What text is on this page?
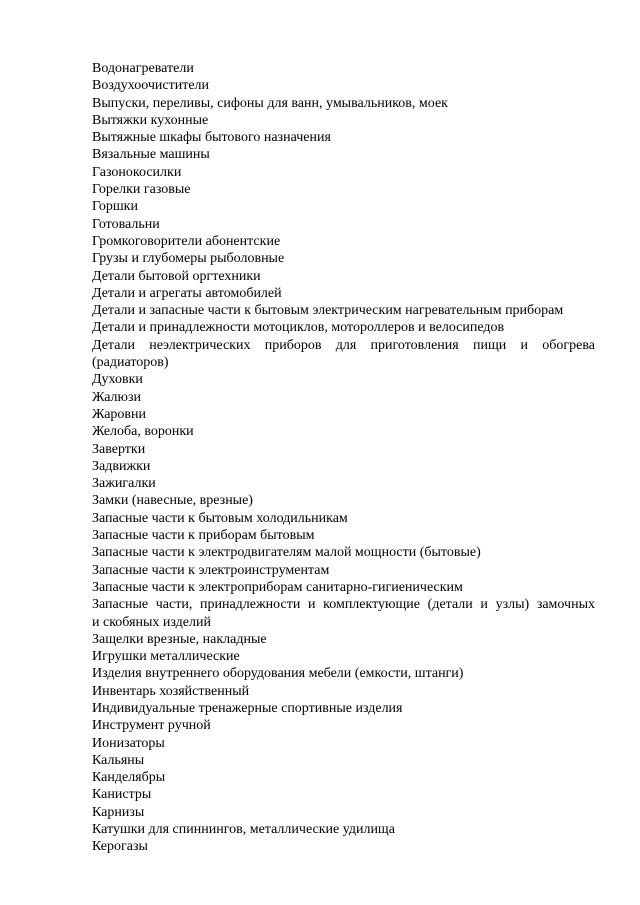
Водонагреватели
Воздухоочистители
Выпуски, переливы, сифоны для ванн, умывальников, моек
Вытяжки кухонные
Вытяжные шкафы бытового назначения
Вязальные машины
Газонокосилки
Горелки газовые
Горшки
Готовальни
Громкоговорители абонентские
Грузы и глубомеры рыболовные
Детали бытовой оргтехники
Детали и агрегаты автомобилей
Детали и запасные части к бытовым электрическим нагревательным приборам
Детали и принадлежности мотоциклов, мотороллеров и велосипедов
Детали неэлектрических приборов для приготовления пищи и обогрева
(радиаторов)
Духовки
Жалюзи
Жаровни
Желоба, воронки
Завертки
Задвижки
Зажигалки
Замки (навесные, врезные)
Запасные части к бытовым холодильникам
Запасные части к приборам бытовым
Запасные части к электродвигателям малой мощности (бытовые)
Запасные части к электроинструментам
Запасные части к электроприборам санитарно-гигиеническим
Запасные части, принадлежности и комплектующие (детали и узлы) замочных
и скобяных изделий
Защелки врезные, накладные
Игрушки металлические
Изделия внутреннего оборудования мебели (емкости, штанги)
Инвентарь хозяйственный
Индивидуальные тренажерные спортивные изделия
Инструмент ручной
Ионизаторы
Кальяны
Канделябры
Канистры
Карнизы
Катушки для спиннингов, металлические удилища
Керогазы
